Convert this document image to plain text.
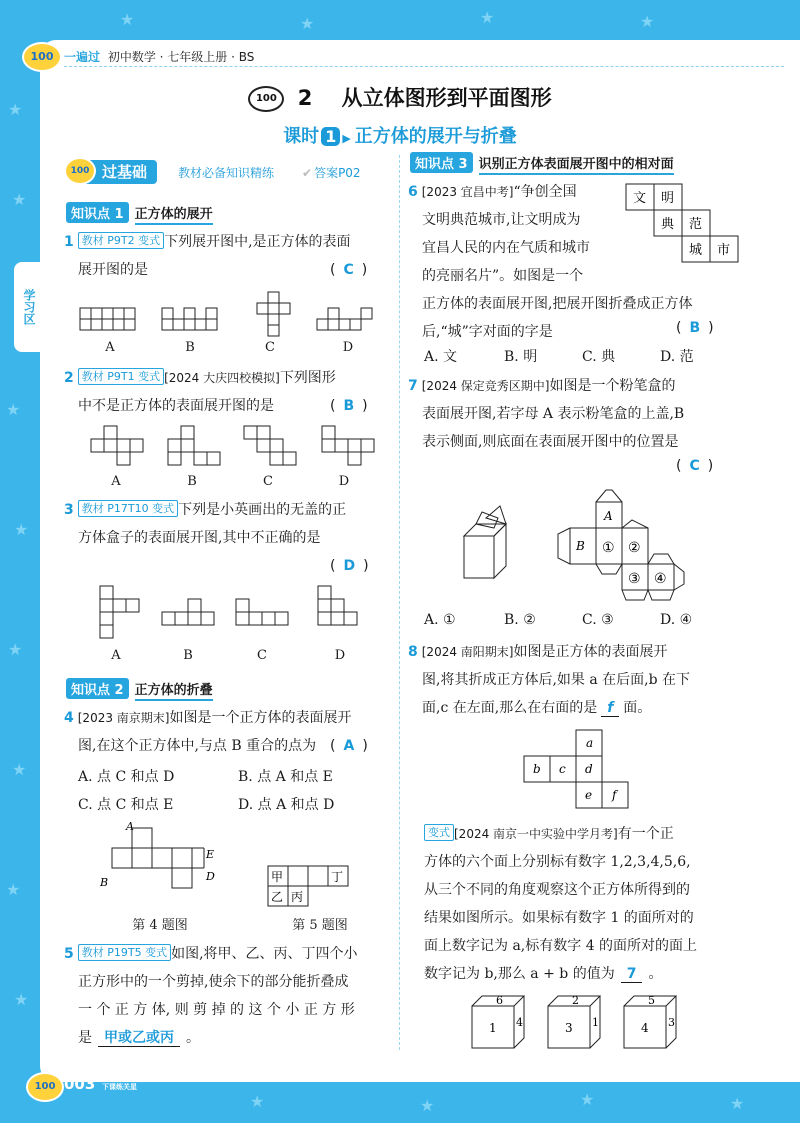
★
★
★
★
★
★
★
★
★	★	★	★
★	★	★	★
学习区
100 一遍过 初中数学 · 七年级上册 · BS
100 2 从立体图形到平面图形
课时 1 ▶ 正方体的展开与折叠
过基础
100	教材必备知识精练 ✔ 答案P02
知识点 1 正方体的展开
1 教材 P9T2 变式 下列展开图中,是正方体的表面
展开图的是	( C )
A	B	C	D
2 教材 P9T1 变式 [2024 大庆四校模拟]下列图形
中不是正方体的表面展开图的是	( B )
A	B	C	D
3 教材 P17T10 变式 下列是小英画出的无盖的正
方体盒子的表面展开图,其中不正确的是
( D )
A	B	C	D
知识点 2 正方体的折叠
4 [2023 南京期末]如图是一个正方体的表面展开
图,在这个正方体中,与点 B 重合的点为 ( A )
A. 点 C 和点 D	B. 点 A 和点 E
C. 点 C 和点 E	D. 点 A 和点 D
A
E
B	D
第 4 题图
甲	丁
乙 丙
第 5 题图
5 教材 P19T5 变式 如图,将甲、乙、丙、丁四个小
正方形中的一个剪掉,使余下的部分能折叠成
一 个 正 方 体, 则 剪 掉 的 这 个 小 正 方 形
是 甲或乙或丙 。
知识点 3 识别正方体表面展开图中的相对面
6 [2023 宜昌中考]“争创全国
文明典范城市,让文明成为
宜昌人民的内在气质和城市
的亮丽名片”。如图是一个
正方体的表面展开图,把展开图折叠成正方体
后,“城”字对面的字是	( B )
A. 文	B. 明	C. 典	D. 范
文 明
典 范
城 市
7 [2024 保定竞秀区期中]如图是一个粉笔盒的
表面展开图,若字母 A 表示粉笔盒的上盖,B
表示侧面,则底面在表面展开图中的位置是
( C )
A
B ① ②
③ ④
A. ①	B. ②	C. ③	D. ④
8 [2024 南阳期末]如图是正方体的表面展开
图,将其折成正方体后,如果 a 在后面,b 在下
面,c 在左面,那么在右面的是 f 面。
a
b c d
e f
变式 [2024 南京一中实验中学月考]有一个正
方体的六个面上分别标有数字 1,2,3,4,5,6,
从三个不同的角度观察这个正方体所得到的
结果如图所示。如果标有数字 1 的面所对的
面上数字记为 a,标有数字 4 的面所对的面上
数字记为 b,那么 a + b 的值为 7 。
6
1 4
2
3 1
5
4 3
100 003 上课认真听
下课练关星
